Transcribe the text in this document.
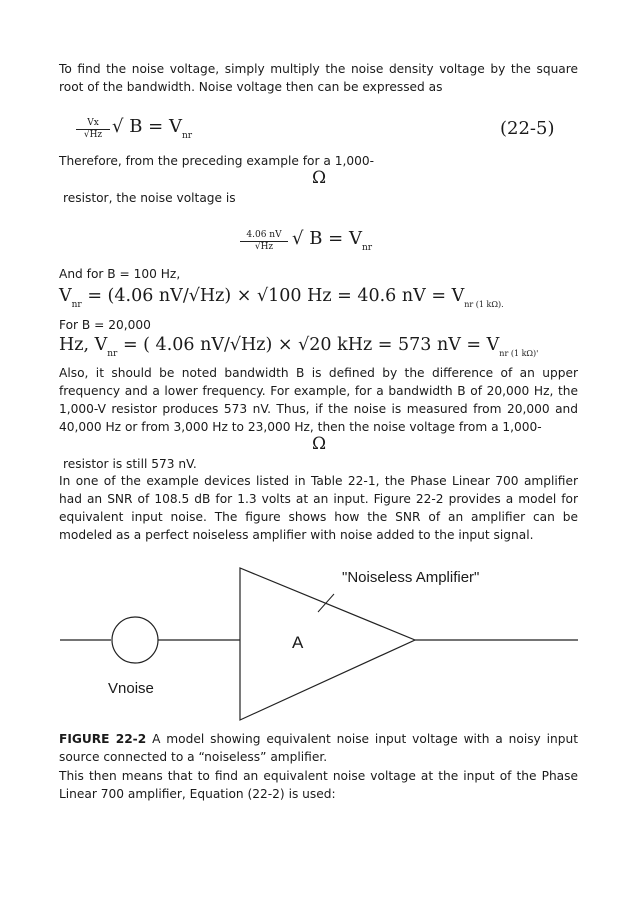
To find the noise voltage, simply multiply the noise density voltage by the square root of the bandwidth. Noise voltage then can be expressed as
$\frac{Vx}{√Hz}$ √ $B = V_{nr}$	(22-5)
Therefore, from the preceding example for a 1,000-
Ω
resistor, the noise voltage is
$\frac{4.06 nV}{√Hz}$ √ $B = V_{nr}$
And for B = 100 Hz,
$V_{nr} = (4.06$ nV/√Hz) × √100 Hz = 40.6 nV = $V_{nr (1 k\Omega).}$
For B = 20,000
Hz, $V_{nr}$ = ( 4.06 nV/√Hz) × √20 kHz = 573 nV = $V_{nr (1 k\Omega)'}$
Also, it should be noted bandwidth B is defined by the difference of an upper frequency and a lower frequency. For example, for a bandwidth B of 20,000 Hz, the 1,000-V resistor produces 573 nV. Thus, if the noise is measured from 20,000 and 40,000 Hz or from 3,000 Hz to 23,000 Hz, then the noise voltage from a 1,000-
Ω
resistor is still 573 nV.
In one of the example devices listed in Table 22-1, the Phase Linear 700 amplifier had an SNR of 108.5 dB for 1.3 volts at an input. Figure 22-2 provides a model for equivalent input noise. The figure shows how the SNR of an amplifier can be modeled as a perfect noiseless amplifier with noise added to the input signal.
"Noiseless Amplifier"
A
Vnoise
FIGURE 22-2 A model showing equivalent noise input voltage with a noisy input source connected to a “noiseless” amplifier.
This then means that to find an equivalent noise voltage at the input of the Phase Linear 700 amplifier, Equation (22-2) is used:
